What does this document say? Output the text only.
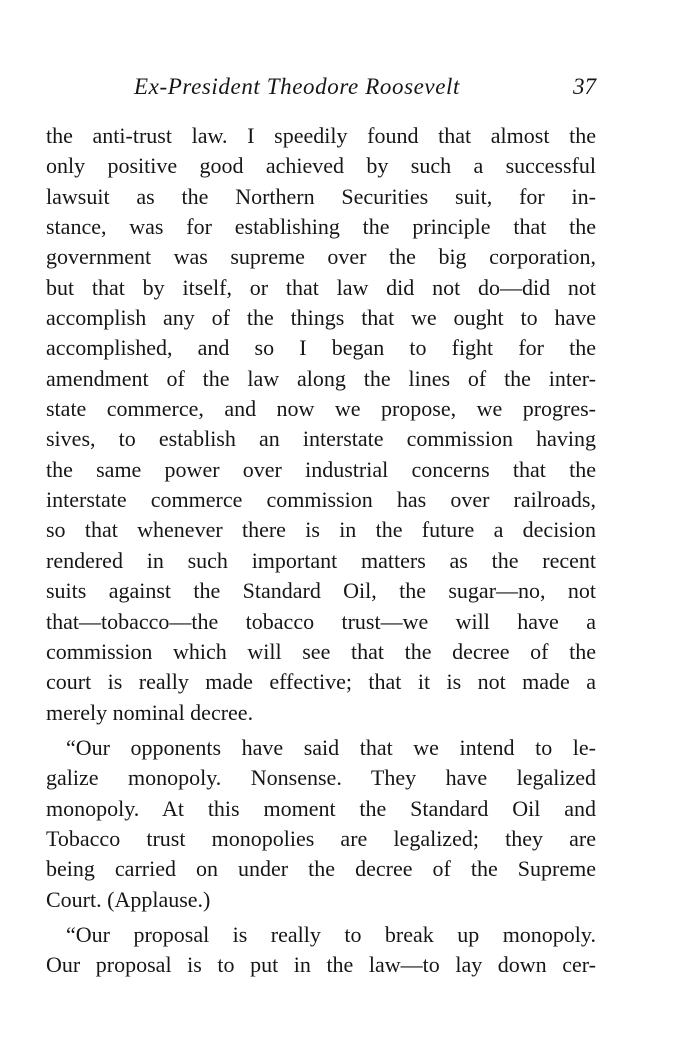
Ex-President Theodore Roosevelt	37
the anti-trust law. I speedily found that almost the
only positive good achieved by such a successful
lawsuit as the Northern Securities suit, for in-
stance, was for establishing the principle that the
government was supreme over the big corporation,
but that by itself, or that law did not do—did not
accomplish any of the things that we ought to have
accomplished, and so I began to fight for the
amendment of the law along the lines of the inter-
state commerce, and now we propose, we progres-
sives, to establish an interstate commission having
the same power over industrial concerns that the
interstate commerce commission has over railroads,
so that whenever there is in the future a decision
rendered in such important matters as the recent
suits against the Standard Oil, the sugar—no, not
that—tobacco—the tobacco trust—we will have a
commission which will see that the decree of the
court is really made effective; that it is not made a
merely nominal decree.
“Our opponents have said that we intend to le-
galize monopoly. Nonsense. They have legalized
monopoly. At this moment the Standard Oil and
Tobacco trust monopolies are legalized; they are
being carried on under the decree of the Supreme
Court. (Applause.)
“Our proposal is really to break up monopoly.
Our proposal is to put in the law—to lay down cer-
